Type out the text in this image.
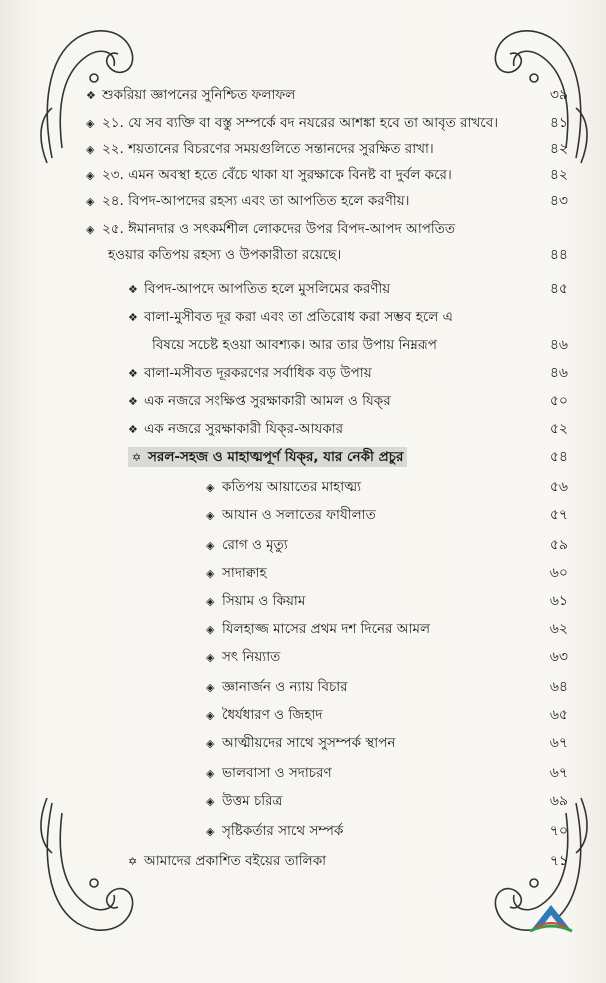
❖ শুকরিয়া জ্ঞাপনের সুনিশ্চিত ফলাফল	৩৯
◈ ২১. যে সব ব্যক্তি বা বস্তু সম্পর্কে বদ নযরের আশঙ্কা হবে তা আবৃত রাখবে।	৪১
◈ ২২. শয়তানের বিচরণের সময়গুলিতে সন্তানদের সুরক্ষিত রাখা।	৪২
◈ ২৩. এমন অবস্থা হতে বেঁচে থাকা যা সুরক্ষাকে বিনষ্ট বা দুর্বল করে।	৪২
◈ ২৪. বিপদ-আপদের রহস্য এবং তা আপতিত হলে করণীয়।	৪৩
◈ ২৫. ঈমানদার ও সৎকর্মশীল লোকদের উপর বিপদ-আপদ আপতিত
হওয়ার কতিপয় রহস্য ও উপকারীতা রয়েছে।	৪৪
❖ বিপদ-আপদে আপতিত হলে মুসলিমের করণীয়	৪৫
❖ বালা-মুসীবত দূর করা এবং তা প্রতিরোধ করা সম্ভব হলে এ
বিষয়ে সচেষ্ট হওয়া আবশ্যক। আর তার উপায় নিম্নরূপ	৪৬
❖ বালা-মসীবত দূরকরণের সর্বাধিক বড় উপায়	৪৬
❖ এক নজরে সংক্ষিপ্ত সুরক্ষাকারী আমল ও যিক্‌র	৫০
❖ এক নজরে সুরক্ষাকারী যিক্‌র-আযকার	৫২
✡ সরল-সহজ ও মাহাত্মপূর্ণ যিক্‌র, যার নেকী প্রচুর	৫৪
◈ কতিপয় আয়াতের মাহাত্ম্য	৫৬
◈ আযান ও সলাতের ফাযীলাত	৫৭
◈ রোগ ও মৃত্যু	৫৯
◈ সাদাক্বাহ	৬০
◈ সিয়াম ও কিয়াম	৬১
◈ যিলহাজ্জ মাসের প্রথম দশ দিনের আমল	৬২
◈ সৎ নিয়্যাত	৬৩
◈ জ্ঞানার্জন ও ন্যায় বিচার	৬৪
◈ ধৈর্যধারণ ও জিহাদ	৬৫
◈ আত্মীয়দের সাথে সুসম্পর্ক স্থাপন	৬৭
◈ ভালবাসা ও সদাচরণ	৬৭
◈ উত্তম চরিত্র	৬৯
◈ সৃষ্টিকর্তার সাথে সম্পর্ক	৭০
✡ আমাদের প্রকাশিত বইয়ের তালিকা	৭১
